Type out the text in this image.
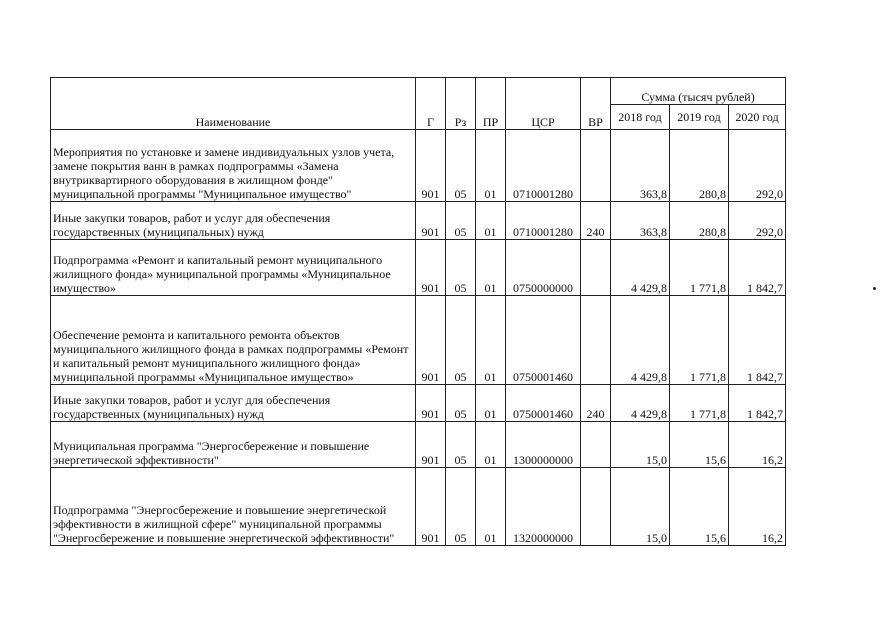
Наименование	Г	Рз	ПР	ЦСР	ВР	Сумма (тысяч рублей)		
						2018 год	2019 год	2020 год
Мероприятия по установке и замене индивидуальных узлов учета, замене покрытия ванн в рамках подпрограммы «Замена внутриквартирного оборудования в жилищном фонде" муниципальной программы "Муниципальное имущество"	901	05	01	0710001280		363,8	280,8	292,0
Иные закупки товаров, работ и услуг для обеспечения государственных (муниципальных) нужд	901	05	01	0710001280	240	363,8	280,8	292,0
Подпрограмма «Ремонт и капитальный ремонт муниципального жилищного фонда» муниципальной программы «Муниципальное имущество»	901	05	01	0750000000		4 429,8	1 771,8	1 842,7
Обеспечение ремонта и капитального ремонта объектов муниципального жилищного фонда в рамках подпрограммы «Ремонт и капитальный ремонт муниципального жилищного фонда» муниципальной программы «Муниципальное имущество»	901	05	01	0750001460		4 429,8	1 771,8	1 842,7
Иные закупки товаров, работ и услуг для обеспечения государственных (муниципальных) нужд	901	05	01	0750001460	240	4 429,8	1 771,8	1 842,7
Муниципальная программа "Энергосбережение и повышение энергетической эффективности"	901	05	01	1300000000		15,0	15,6	16,2
Подпрограмма "Энергосбережение и повышение энергетической эффективности в жилищной сфере" муниципальной программы "Энергосбережение и повышение энергетической эффективности"	901	05	01	1320000000		15,0	15,6	16,2
